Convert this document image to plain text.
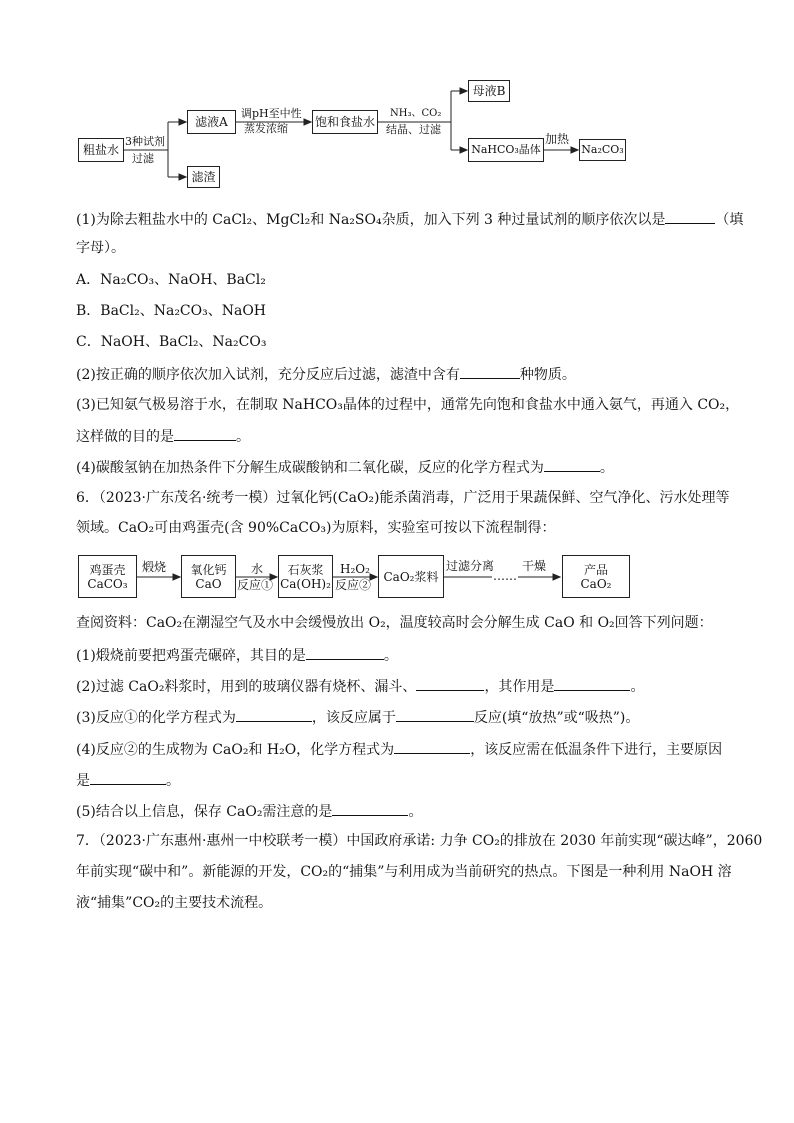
粗盐水
3种试剂
过滤
滤液A
滤渣
调pH至中性
蒸发浓缩 饱和食盐水
NH₃、CO₂
结晶、过滤
母液B
NaHCO₃晶体
加热
Na₂CO₃
(1)为除去粗盐水中的 CaCl₂、MgCl₂和 Na₂SO₄杂质，加入下列 3 种过量试剂的顺序依次以是	（填
字母）。
A．Na₂CO₃、NaOH、BaCl₂
B．BaCl₂、Na₂CO₃、NaOH
C．NaOH、BaCl₂、Na₂CO₃
(2)按正确的顺序依次加入试剂，充分反应后过滤，滤渣中含有	种物质。
(3)已知氨气极易溶于水，在制取 NaHCO₃晶体的过程中，通常先向饱和食盐水中通入氨气，再通入 CO₂，
这样做的目的是	。
(4)碳酸氢钠在加热条件下分解生成碳酸钠和二氧化碳，反应的化学方程式为	。
6．（2023·广东茂名·统考一模）过氧化钙(CaO₂)能杀菌消毒，广泛用于果蔬保鲜、空气净化、污水处理等
领域。CaO₂可由鸡蛋壳(含 90%CaCO₃)为原料，实验室可按以下流程制得：
鸡蛋壳
CaCO₃
煅烧 氧化钙
CaO
水
反应①
石灰浆
Ca(OH)₂
H₂O₂
反应②
CaO₂浆料
过滤分离
……
干燥	产品
CaO₂
查阅资料：CaO₂在潮湿空气及水中会缓慢放出 O₂，温度较高时会分解生成 CaO 和 O₂回答下列问题：
(1)煅烧前要把鸡蛋壳碾碎，其目的是	。
(2)过滤 CaO₂料浆时，用到的玻璃仪器有烧杯、漏斗、	，其作用是	。
(3)反应①的化学方程式为	，该反应属于	反应(填“放热”或“吸热”)。
(4)反应②的生成物为 CaO₂和 H₂O，化学方程式为	，该反应需在低温条件下进行，主要原因
是	。
(5)结合以上信息，保存 CaO₂需注意的是	。
7．（2023·广东惠州·惠州一中校联考一模）中国政府承诺: 力争 CO₂的排放在 2030 年前实现“碳达峰”，2060
年前实现“碳中和”。新能源的开发，CO₂的“捕集”与利用成为当前研究的热点。下图是一种利用 NaOH 溶
液“捕集”CO₂的主要技术流程。
